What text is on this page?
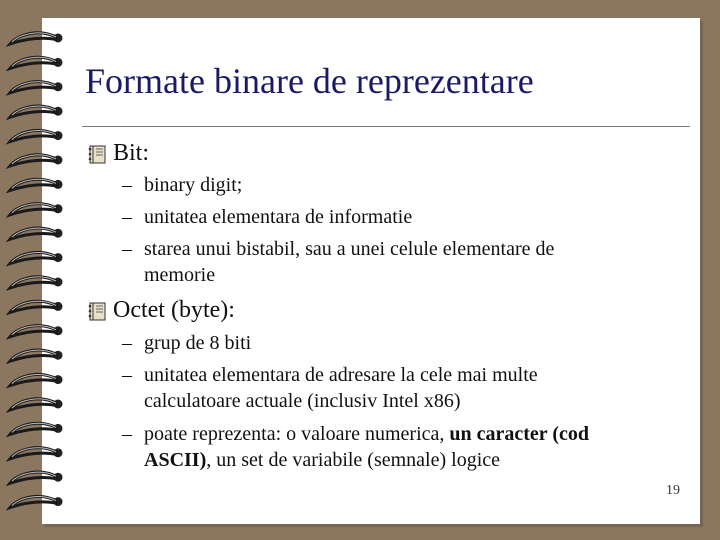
Formate binare de reprezentare
Bit:
– binary digit;
– unitatea elementara de informatie
– starea unui bistabil, sau a unei celule elementare de
memorie
Octet (byte):
– grup de 8 biti
– unitatea elementara de adresare la cele mai multe
calculatoare actuale (inclusiv Intel x86)
– poate reprezenta: o valoare numerica, un caracter (cod
ASCII), un set de variabile (semnale) logice
19
